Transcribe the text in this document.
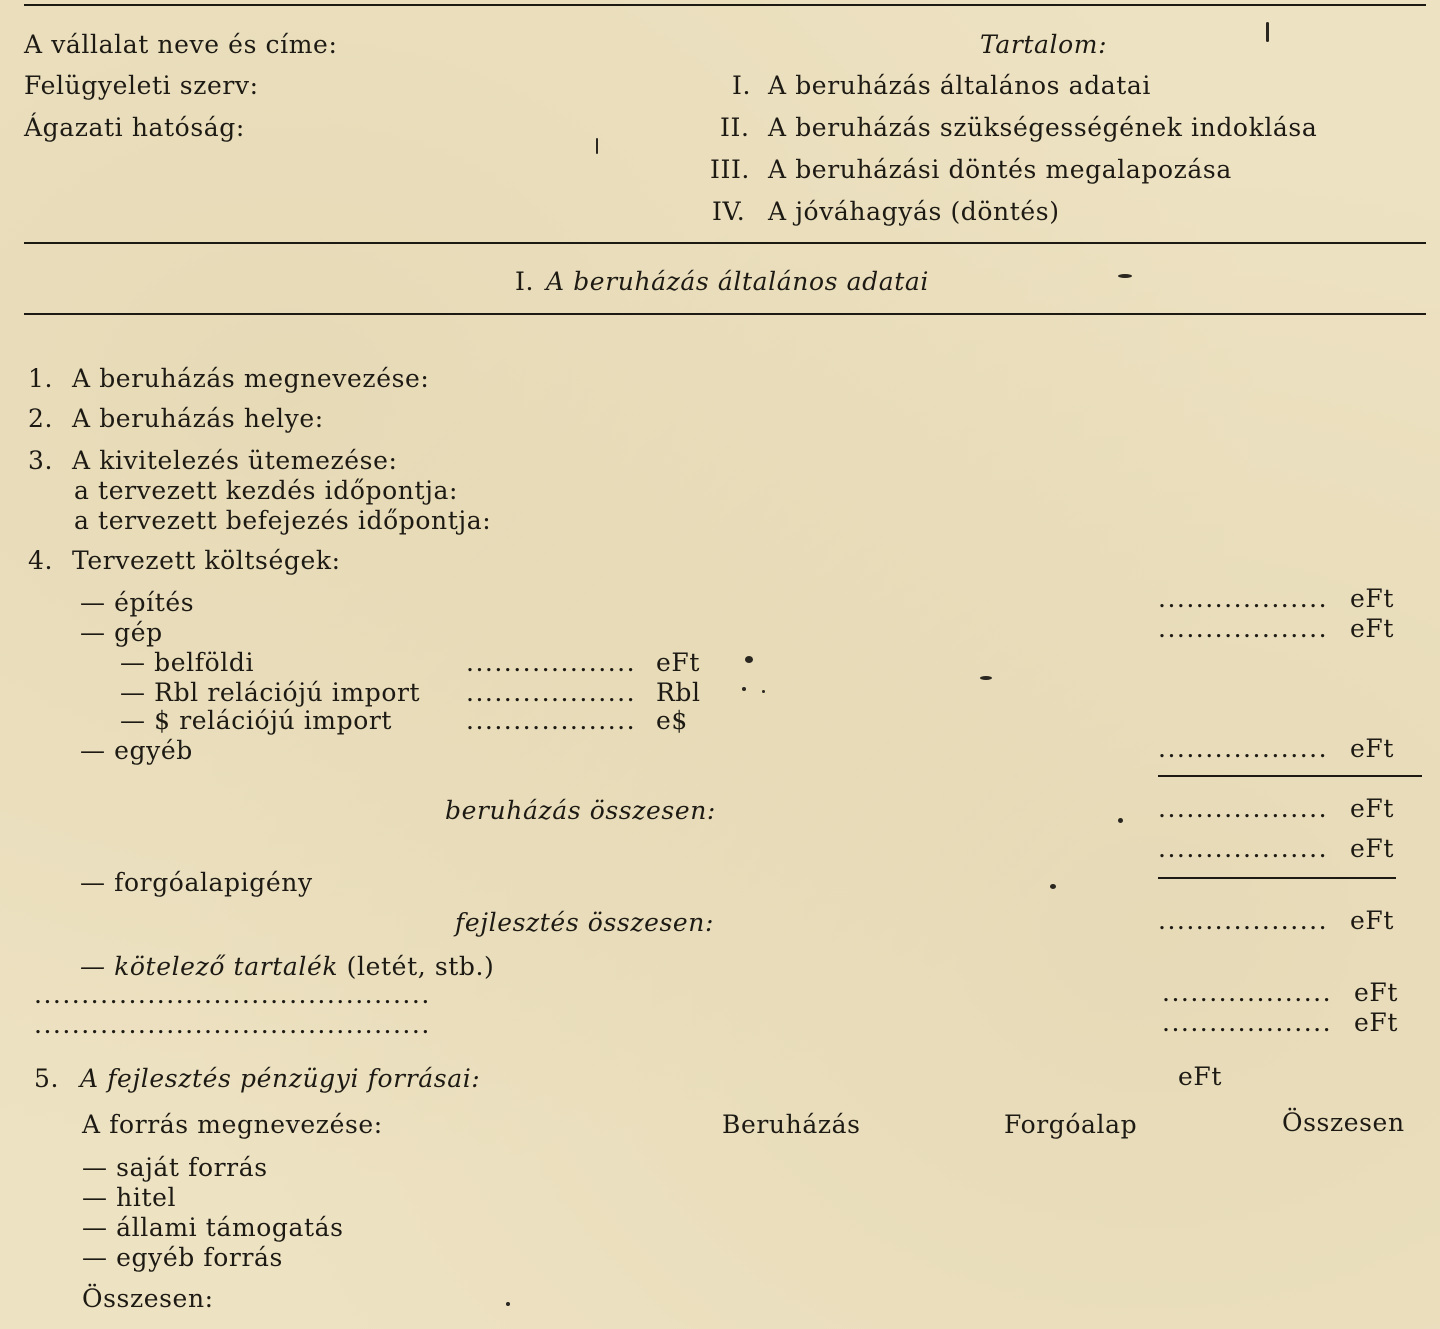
A vállalat neve és címe:
Felügyeleti szerv:
Ágazati hatóság:
Tartalom:
I. A beruházás általános adatai
II. A beruházás szükségességének indoklása
III. A beruházási döntés megalapozása
IV. A jóváhagyás (döntés)
I. A beruházás általános adatai
1. A beruházás megnevezése:
2. A beruházás helye:
3. A kivitelezés ütemezése:
a tervezett kezdés időpontja:
a tervezett befejezés időpontja:
4. Tervezett költségek:
— építés	.................. eFt
— gép	.................. eFt
— belföldi	.................. eFt
— Rbl relációjú import .................. Rbl
— $ relációjú import	.................. e$
— egyéb	.................. eFt
beruházás összesen:	.................. eFt
.................. eFt
— forgóalapigény
fejlesztés összesen:	.................. eFt
— kötelező tartalék (letét, stb.)
..........................................	.................. eFt
..........................................	.................. eFt
5. A fejlesztés pénzügyi forrásai:	eFt
A forrás megnevezése:	Beruházás	Forgóalap	Összesen
— saját forrás
— hitel
— állami támogatás
— egyéb forrás
Összesen:
